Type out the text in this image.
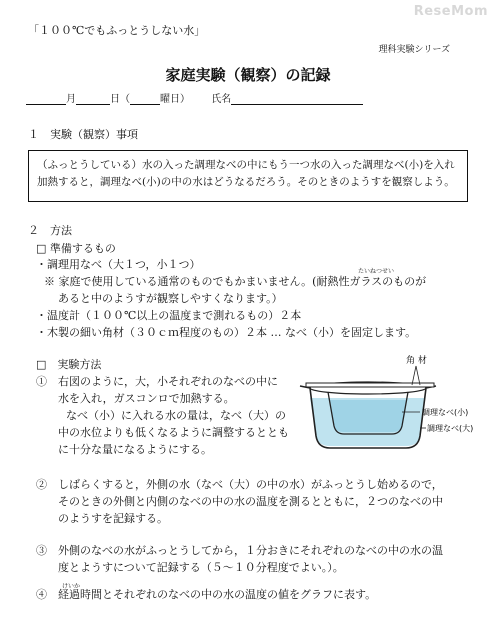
ReseMom
「１００℃でもふっとうしない水」
理科実験シリーズ
家庭実験（観察）の記録
月	日（	曜日） 氏名
１　実験（観察）事項

（ふっとうしている）水の入った調理なべの中にもう一つ水の入った調理なべ(小)を入れ加熱すると，調理なべ(小)の中の水はどうなるだろう。そのときのようすを観察しよう。

２　方法
□ 準備するもの
・調理用なべ（大１つ，小１つ）
たいねつせい
※ 家庭で使用している通常のものでもかまいません。(耐熱性ガラスのものが
あると中のようすが観察しやすくなります。）
・温度計（１００℃以上の温度まで測れるもの）２本
・木製の細い角材（３０ｃｍ程度のもの）２本 … なべ（小）を固定します。
□　実験方法
①　右図のように，大，小それぞれのなべの中に
水を入れ，ガスコンロで加熱する。
なべ（小）に入れる水の量は，なべ（大）の
中の水位よりも低くなるように調整するととも
に十分な量になるようにする。
角 材
調理なべ(小)
調理なべ(大)
②　しばらくすると，外側の水（なべ（大）の中の水）がふっとうし始めるので，
そのときの外側と内側のなべの中の水の温度を測るとともに，２つのなべの中
のようすを記録する。
③　外側のなべの水がふっとうしてから，１分おきにそれぞれのなべの中の水の温
度とようすについて記録する（５～１０分程度でよい。）。
けいか
④　経過時間とそれぞれのなべの中の水の温度の値をグラフに表す。
